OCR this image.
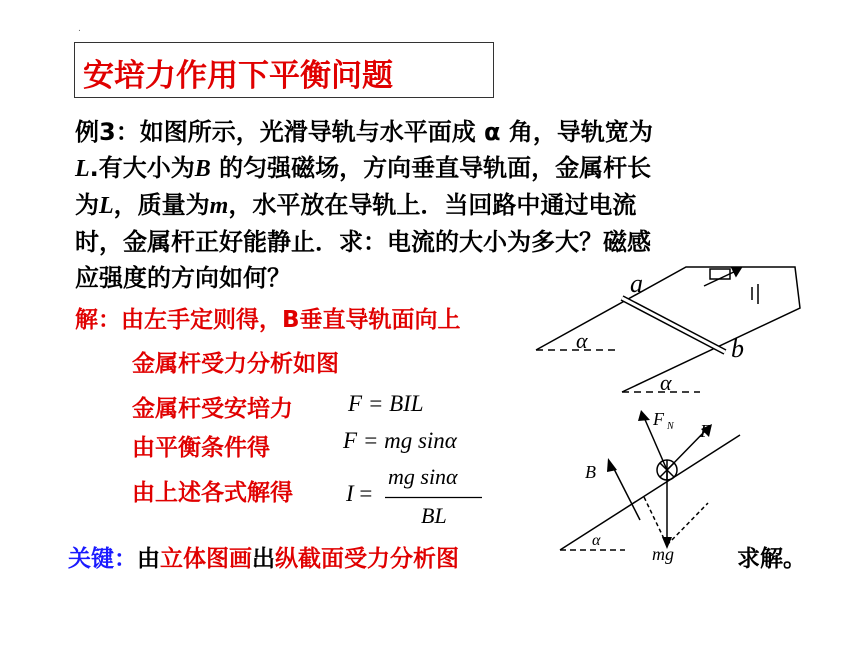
.
安培力作用下平衡问题
例3：如图所示，光滑导轨与水平面成 α 角，导轨宽为
L.有大小为B 的匀强磁场，方向垂直导轨面，金属杆长
为L，质量为m，水平放在导轨上．当回路中通过电流
时，金属杆正好能静止．求：电流的大小为多大？磁感
应强度的方向如何？
解：由左手定则得，B垂直导轨面向上
金属杆受力分析如图
金属杆受安培力
由平衡条件得
由上述各式解得
F = BIL
F = mg sinα
I =
mg sinα
BL
a
b
α
α
F N F
B
mg
α
关键：由立体图画出纵截面受力分析图	求解。
